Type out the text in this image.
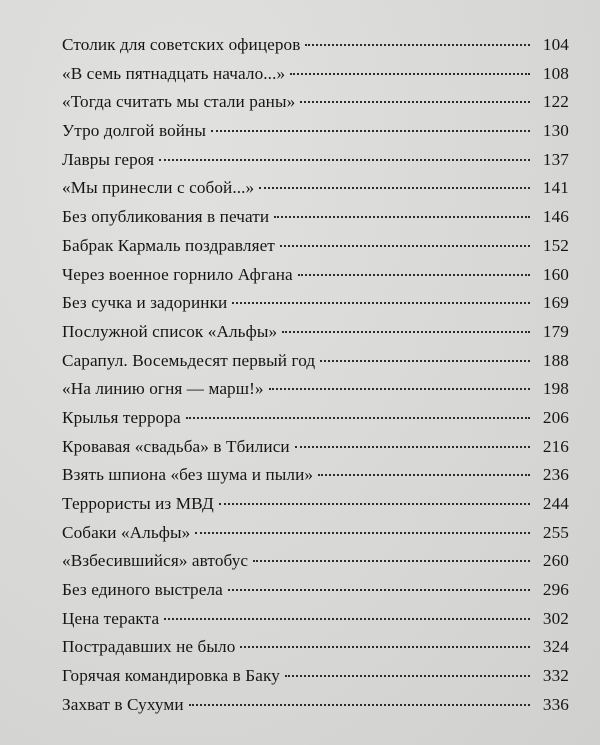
Столик для советских офицеров	104
«В семь пятнадцать начало...»	108
«Тогда считать мы стали раны»	122
Утро долгой войны	130
Лавры героя	137
«Мы принесли с собой...»	141
Без опубликования в печати	146
Бабрак Кармаль поздравляет	152
Через военное горнило Афгана	160
Без сучка и задоринки	169
Послужной список «Альфы»	179
Сарапул. Восемьдесят первый год	188
«На линию огня — марш!»	198
Крылья террора	206
Кровавая «свадьба» в Тбилиси	216
Взять шпиона «без шума и пыли»	236
Террористы из МВД	244
Собаки «Альфы»	255
«Взбесившийся» автобус	260
Без единого выстрела	296
Цена теракта	302
Пострадавших не было	324
Горячая командировка в Баку	332
Захват в Сухуми	336
